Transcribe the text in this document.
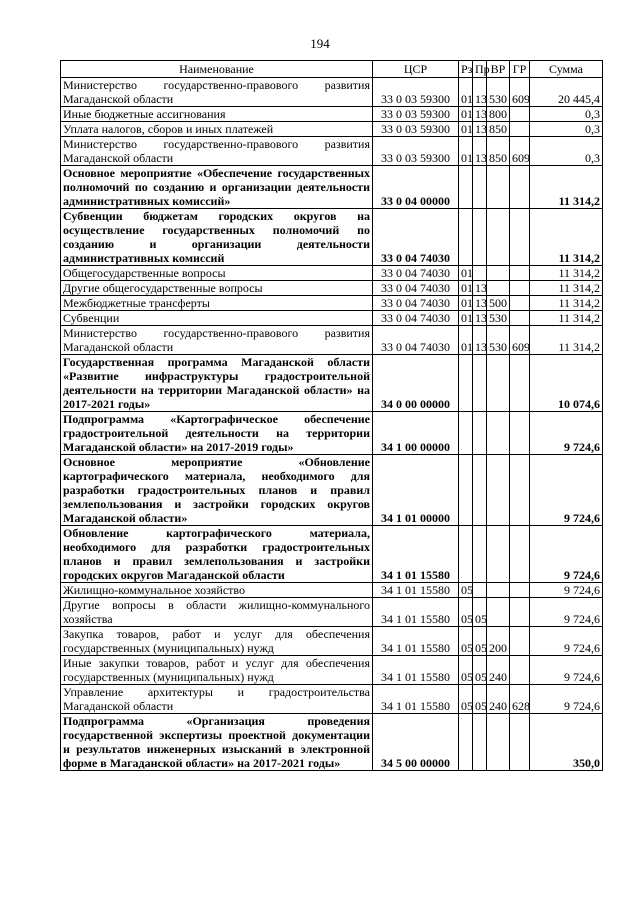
194
Наименование	ЦСР	Рз	Пр	ВР	ГР	Сумма
Министерство государственно-правового развития Магаданской области	33 0 03 59300	01	13	530	609	20 445,4
Иные бюджетные ассигнования	33 0 03 59300	01	13	800		0,3
Уплата налогов, сборов и иных платежей	33 0 03 59300	01	13	850		0,3
Министерство государственно-правового развития Магаданской области	33 0 03 59300	01	13	850	609	0,3
Основное мероприятие «Обеспечение государственных полномочий по созданию и организации деятельности административных комиссий»	33 0 04 00000					11 314,2
Субвенции бюджетам городских округов на осуществление государственных полномочий по созданию и организации деятельности административных комиссий	33 0 04 74030					11 314,2
Общегосударственные вопросы	33 0 04 74030	01				11 314,2
Другие общегосударственные вопросы	33 0 04 74030	01	13			11 314,2
Межбюджетные трансферты	33 0 04 74030	01	13	500		11 314,2
Субвенции	33 0 04 74030	01	13	530		11 314,2
Министерство государственно-правового развития Магаданской области	33 0 04 74030	01	13	530	609	11 314,2
Государственная программа Магаданской области «Развитие инфраструктуры градостроительной деятельности на территории Магаданской области» на 2017-2021 годы»	34 0 00 00000					10 074,6
Подпрограмма «Картографическое обеспечение градостроительной деятельности на территории Магаданской области» на 2017-2019 годы»	34 1 00 00000					9 724,6
Основное мероприятие «Обновление картографического материала, необходимого для разработки градостроительных планов и правил землепользования и застройки городских округов Магаданской области»	34 1 01 00000					9 724,6
Обновление картографического материала, необходимого для разработки градостроительных планов и правил землепользования и застройки городских округов Магаданской области	34 1 01 15580					9 724,6
Жилищно-коммунальное хозяйство	34 1 01 15580	05				9 724,6
Другие вопросы в области жилищно-коммунального хозяйства	34 1 01 15580	05	05			9 724,6
Закупка товаров, работ и услуг для обеспечения государственных (муниципальных) нужд	34 1 01 15580	05	05	200		9 724,6
Иные закупки товаров, работ и услуг для обеспечения государственных (муниципальных) нужд	34 1 01 15580	05	05	240		9 724,6
Управление архитектуры и градостроительства Магаданской области	34 1 01 15580	05	05	240	628	9 724,6
Подпрограмма «Организация проведения государственной экспертизы проектной документации и результатов инженерных изысканий в электронной форме в Магаданской области» на 2017-2021 годы»	34 5 00 00000					350,0
